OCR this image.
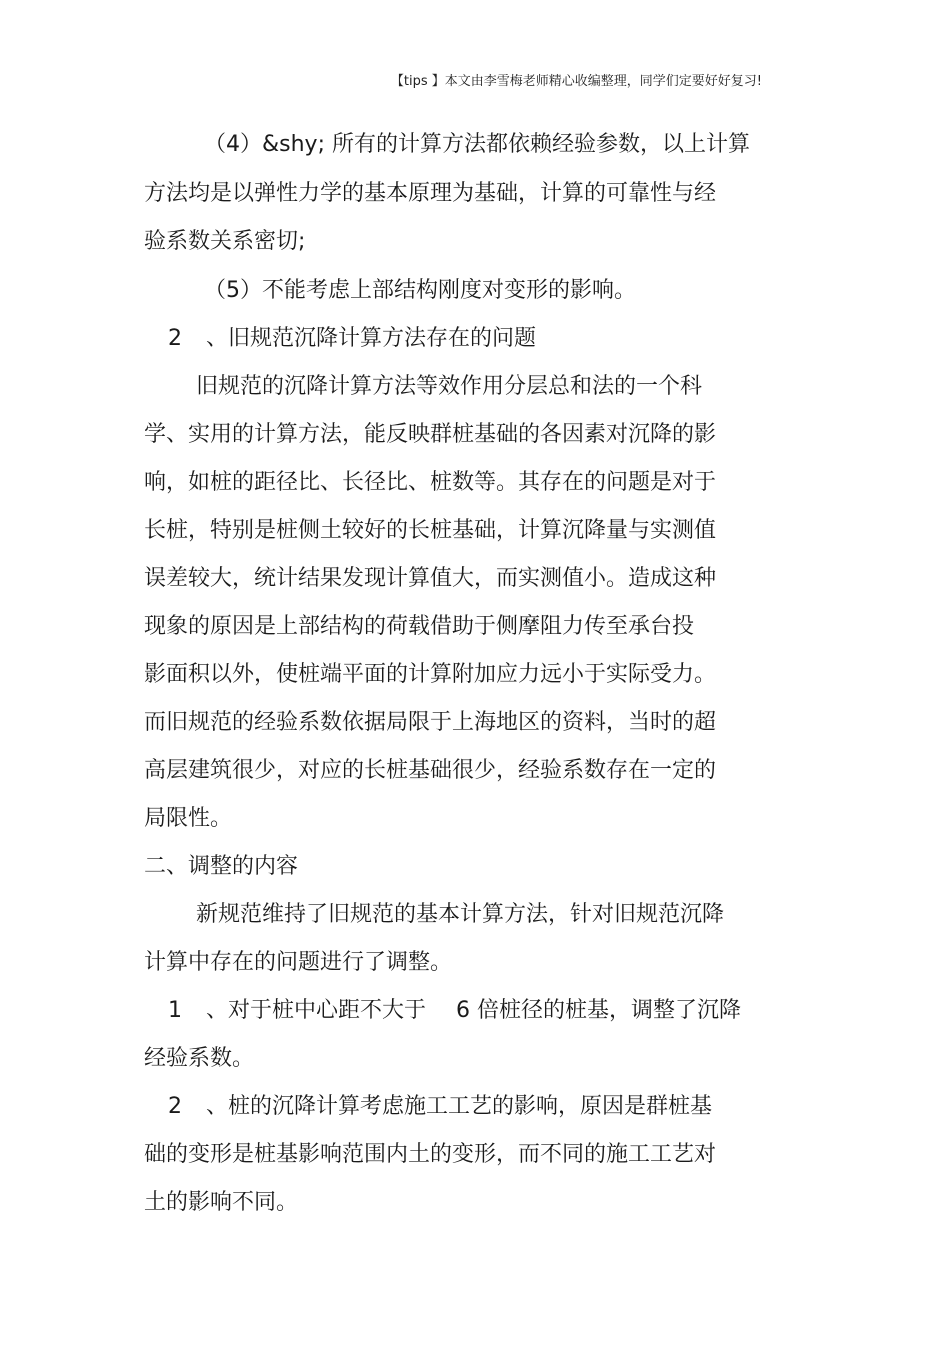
【tips 】本文由李雪梅老师精心收编整理，同学们定要好好复习!
（4）&shy; 所有的计算方法都依赖经验参数，以上计算
方法均是以弹性力学的基本原理为基础，计算的可靠性与经
验系数关系密切;
（5）不能考虑上部结构刚度对变形的影响。
2 、旧规范沉降计算方法存在的问题
旧规范的沉降计算方法等效作用分层总和法的一个科
学、实用的计算方法，能反映群桩基础的各因素对沉降的影
响，如桩的距径比、长径比、桩数等。其存在的问题是对于
长桩，特别是桩侧土较好的长桩基础，计算沉降量与实测值
误差较大，统计结果发现计算值大，而实测值小。造成这种
现象的原因是上部结构的荷载借助于侧摩阻力传至承台投
影面积以外，使桩端平面的计算附加应力远小于实际受力。
而旧规范的经验系数依据局限于上海地区的资料，当时的超
高层建筑很少，对应的长桩基础很少，经验系数存在一定的
局限性。
二、调整的内容
新规范维持了旧规范的基本计算方法，针对旧规范沉降
计算中存在的问题进行了调整。
1 、对于桩中心距不大于 6 倍桩径的桩基，调整了沉降
经验系数。
2 、桩的沉降计算考虑施工工艺的影响，原因是群桩基
础的变形是桩基影响范围内土的变形，而不同的施工工艺对
土的影响不同。
